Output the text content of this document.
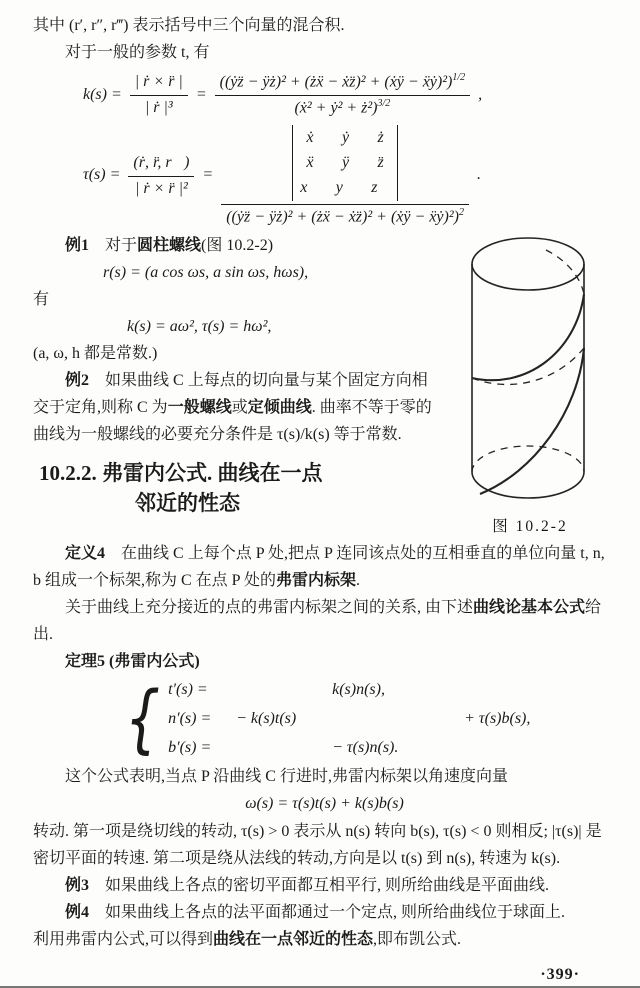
其中 (r′, r″, r‴) 表示括号中三个向量的混合积.

对于一般的参数 t, 有

$k(s) = \frac{\text{| ṙ × r̈ |}}{\text{| ṙ |³}} = \frac{((ẏz̈ - ÿż)^2 + (żẍ - ẋz̈)^2 + (ẋÿ - ẍẏ)^2)^{1/2}}{(ẋ^2 + ẏ^2 + ż^2)^{3/2}}$ ,
$\tau(s) = \frac{\text{(ṙ, r̈, r⃛)}}{\text{| ṙ × r̈ |²}}$ = ẋ	ẏ	ż
ẍ	ÿ	z̈
x⃛ y⃛ z⃛
((ẏz̈ − ÿż)² + (żẍ − ẋz̈)² + (ẋÿ − ẍẏ)²)$^2$ .
图 10.2-2

例1　对于圆柱螺线(图 10.2-2)

r(s) = (a cos ωs, a sin ωs, hωs),

有

k(s) = aω², τ(s) = hω²,

(a, ω, h 都是常数.)

例2　如果曲线 C 上每点的切向量与某个固定方向相交于定角,则称 C 为一般螺线或定倾曲线. 曲率不等于零的曲线为一般螺线的必要充分条件是 τ(s)/k(s) 等于常数.

10.2.2. 弗雷内公式. 曲线在一点
邻近的性态

定义4　在曲线 C 上每个点 P 处,把点 P 连同该点处的互相垂直的单位向量 t, n, b 组成一个标架,称为 C 在点 P 处的弗雷内标架.

关于曲线上充分接近的点的弗雷内标架之间的关系, 由下述曲线论基本公式给出.

定理5 (弗雷内公式)

{ t′(s) =	k(s)n(s),
n′(s) =	− k(s)t(s)	+ τ(s)b(s),
b′(s) =	− τ(s)n(s).

这个公式表明,当点 P 沿曲线 C 行进时,弗雷内标架以角速度向量

ω(s) = τ(s)t(s) + k(s)b(s)

转动. 第一项是绕切线的转动, τ(s) > 0 表示从 n(s) 转向 b(s), τ(s) < 0 则相反; |τ(s)| 是密切平面的转速. 第二项是绕从法线的转动,方向是以 t(s) 到 n(s), 转速为 k(s).

例3　如果曲线上各点的密切平面都互相平行, 则所给曲线是平面曲线.

例4　如果曲线上各点的法平面都通过一个定点, 则所给曲线位于球面上.

利用弗雷内公式,可以得到曲线在一点邻近的性态,即布凯公式.

·399·
